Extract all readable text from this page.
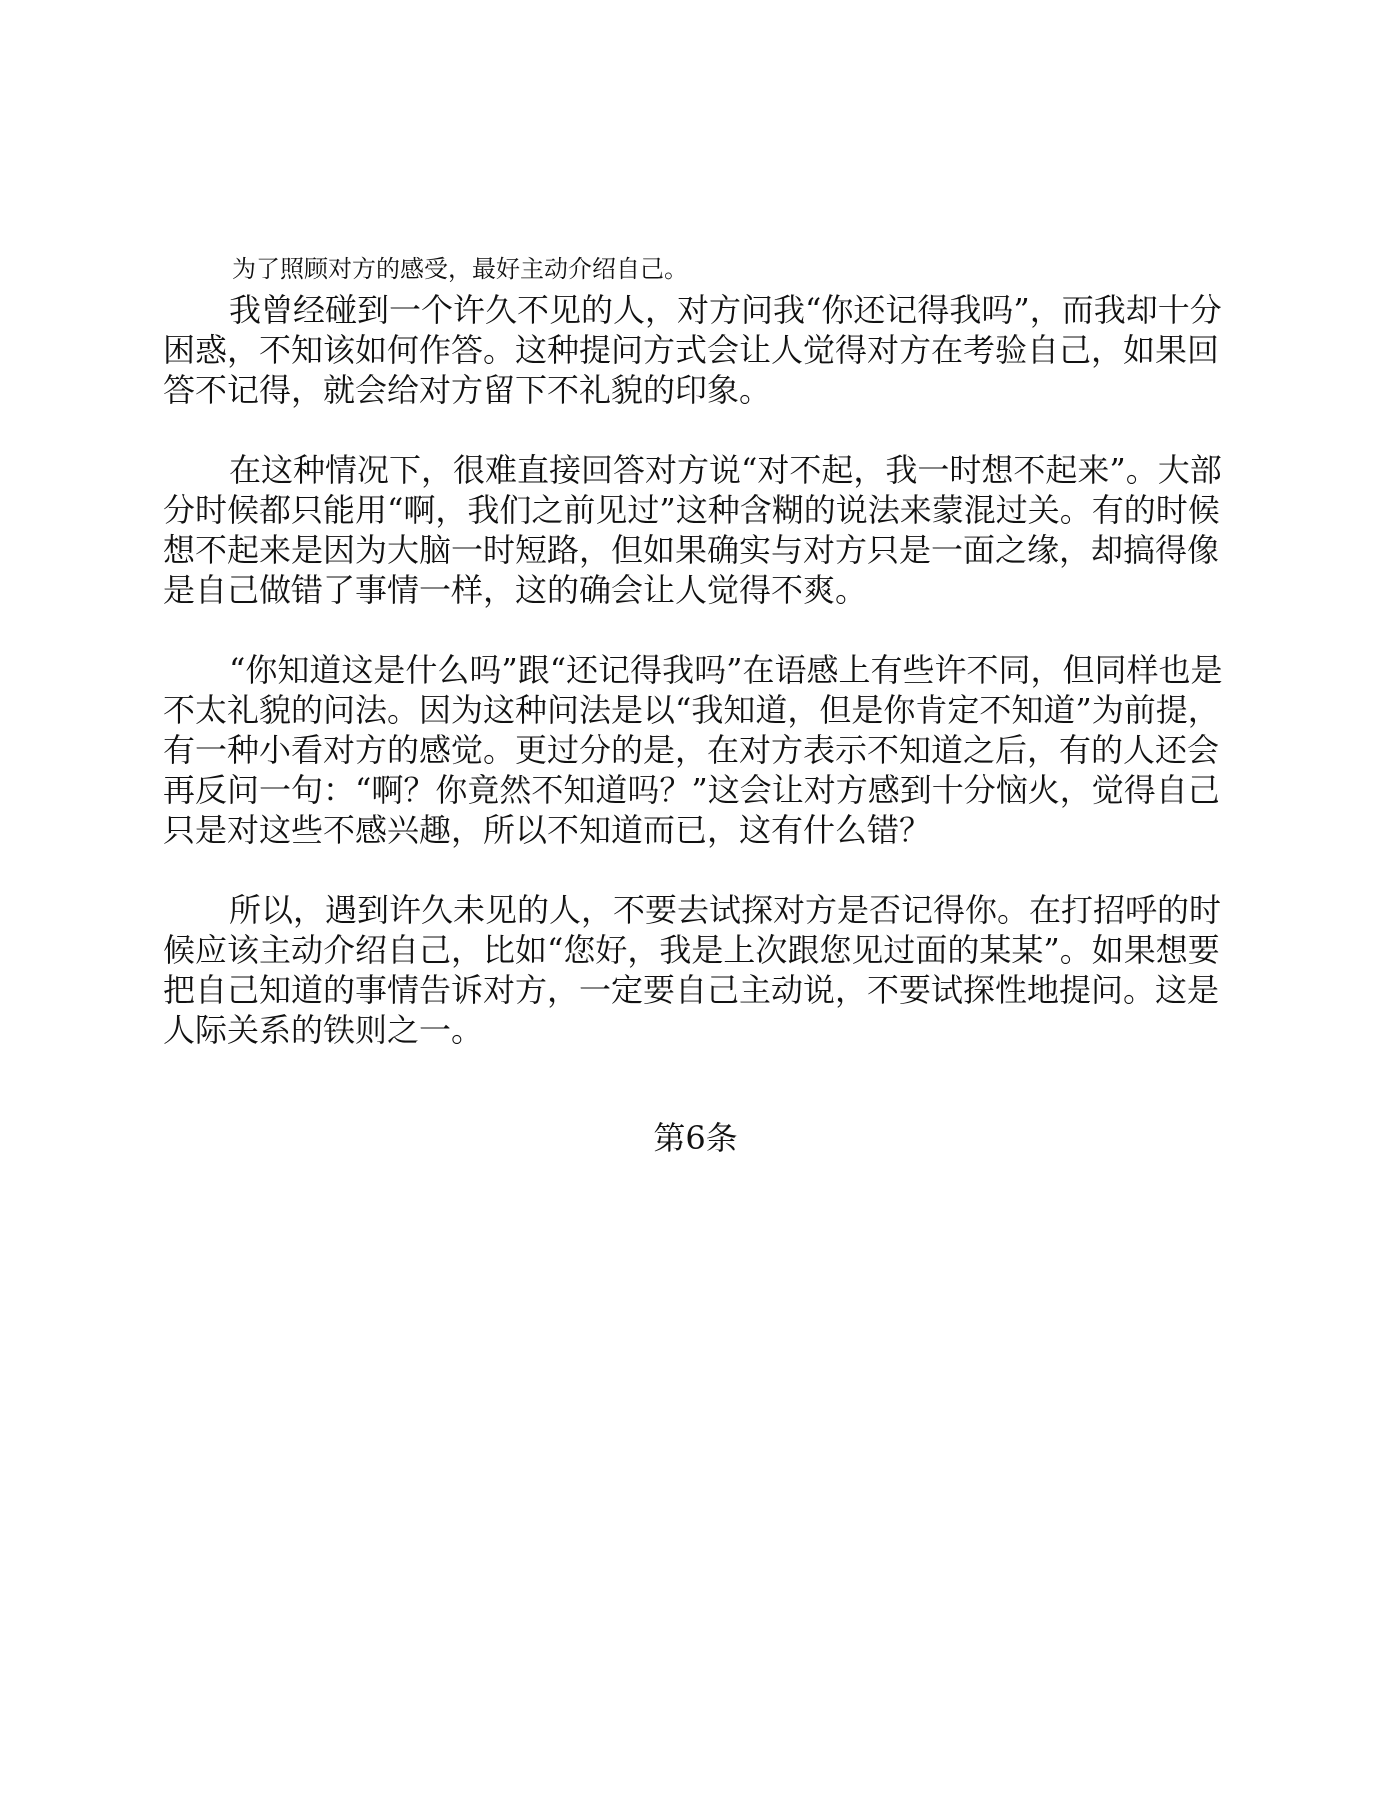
为了照顾对方的感受，最好主动介绍自己。

我曾经碰到一个许久不见的人，对方问我“你还记得我吗”，而我却十分困惑，不知该如何作答。这种提问方式会让人觉得对方在考验自己，如果回答不记得，就会给对方留下不礼貌的印象。

在这种情况下，很难直接回答对方说“对不起，我一时想不起来”。大部分时候都只能用“啊，我们之前见过”这种含糊的说法来蒙混过关。有的时候想不起来是因为大脑一时短路，但如果确实与对方只是一面之缘，却搞得像是自己做错了事情一样，这的确会让人觉得不爽。

“你知道这是什么吗”跟“还记得我吗”在语感上有些许不同，但同样也是不太礼貌的问法。因为这种问法是以“我知道，但是你肯定不知道”为前提，有一种小看对方的感觉。更过分的是，在对方表示不知道之后，有的人还会再反问一句：“啊？你竟然不知道吗？”这会让对方感到十分恼火，觉得自己只是对这些不感兴趣，所以不知道而已，这有什么错？

所以，遇到许久未见的人，不要去试探对方是否记得你。在打招呼的时候应该主动介绍自己，比如“您好，我是上次跟您见过面的某某”。如果想要把自己知道的事情告诉对方，一定要自己主动说，不要试探性地提问。这是人际关系的铁则之一。

第6条
